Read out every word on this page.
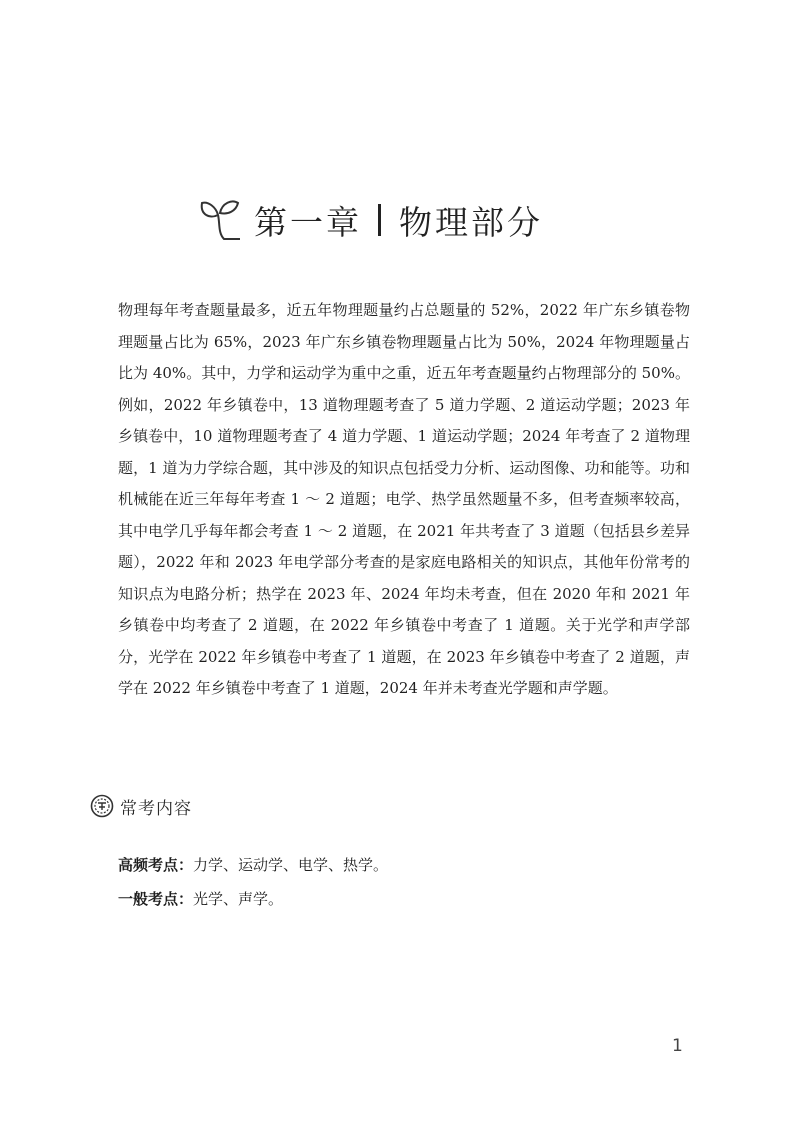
第一章 物理部分

物理每年考查题量最多，近五年物理题量约占总题量的 52%，2022 年广东乡镇卷物理题量占比为 65%，2023 年广东乡镇卷物理题量占比为 50%，2024 年物理题量占比为 40%。其中，力学和运动学为重中之重，近五年考查题量约占物理部分的 50%。例如，2022 年乡镇卷中，13 道物理题考查了 5 道力学题、2 道运动学题；2023 年乡镇卷中，10 道物理题考查了 4 道力学题、1 道运动学题；2024 年考查了 2 道物理题，1 道为力学综合题，其中涉及的知识点包括受力分析、运动图像、功和能等。功和机械能在近三年每年考查 1 ～ 2 道题；电学、热学虽然题量不多，但考查频率较高，其中电学几乎每年都会考查 1 ～ 2 道题，在 2021 年共考查了 3 道题（包括县乡差异题），2022 年和 2023 年电学部分考查的是家庭电路相关的知识点，其他年份常考的知识点为电路分析；热学在 2023 年、2024 年均未考查，但在 2020 年和 2021 年乡镇卷中均考查了 2 道题，在 2022 年乡镇卷中考查了 1 道题。关于光学和声学部分，光学在 2022 年乡镇卷中考查了 1 道题，在 2023 年乡镇卷中考查了 2 道题，声学在 2022 年乡镇卷中考查了 1 道题，2024 年并未考查光学题和声学题。

常考内容
高频考点：力学、运动学、电学、热学。
一般考点：光学、声学。
1
